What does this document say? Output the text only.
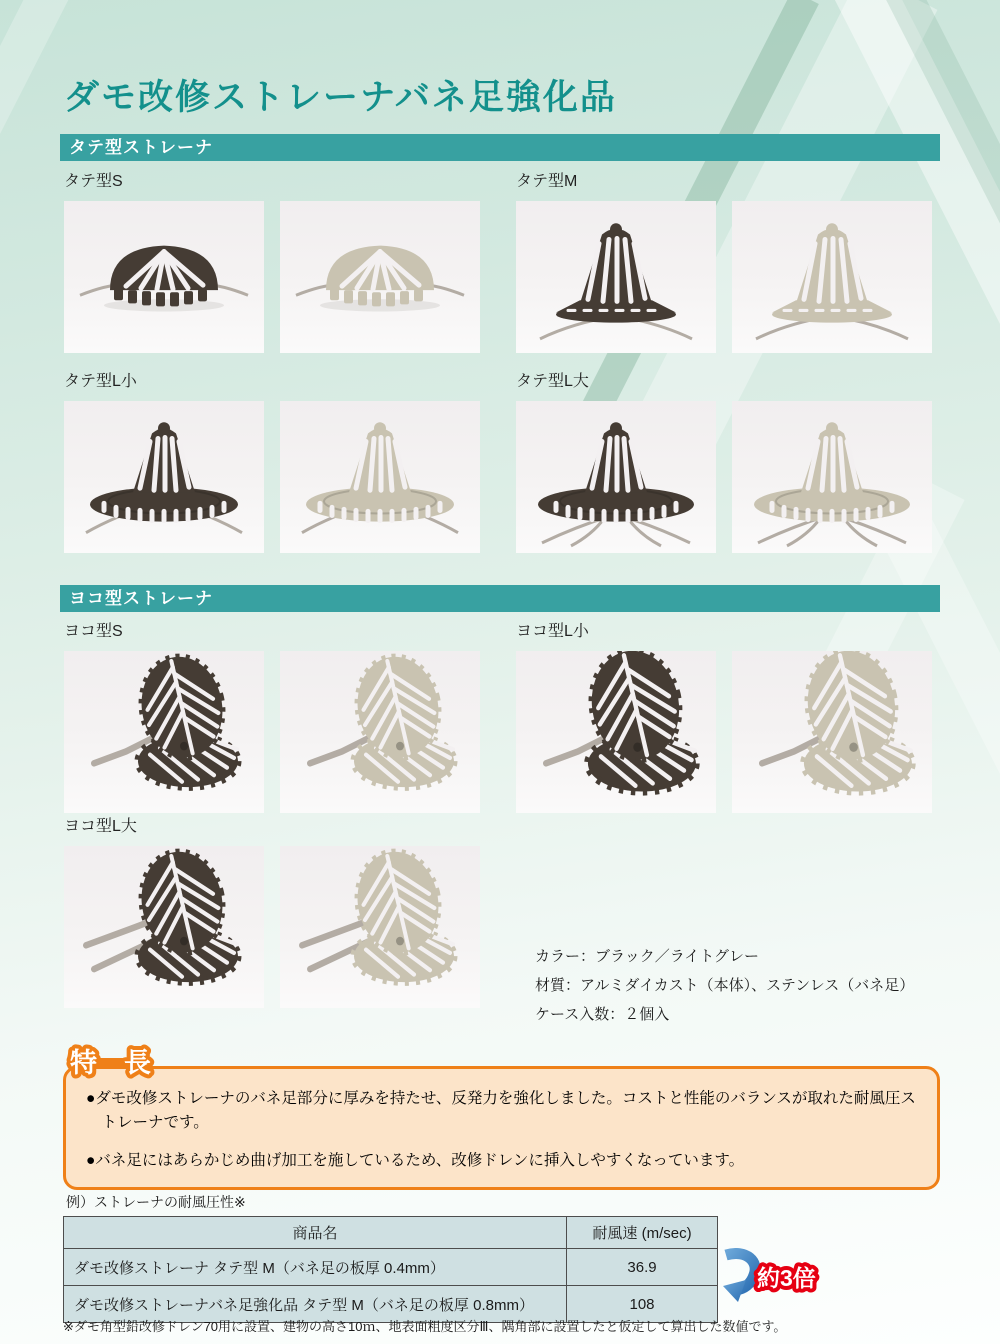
ダモ改修ストレーナバネ足強化品
タテ型ストレーナ
タテ型S	タテ型M
タテ型L小	タテ型L大
ヨコ型ストレーナ
ヨコ型S	ヨコ型L小
ヨコ型L大
カラー：ブラック／ライトグレー
材質：アルミダイカスト（本体）、ステンレス（バネ足）
ケース入数：２個入
特　長

●ダモ改修ストレーナのバネ足部分に厚みを持たせ、反発力を強化しました。コストと性能のバランスが取れた耐風圧ストレーナです。

●バネ足にはあらかじめ曲げ加工を施しているため、改修ドレンに挿入しやすくなっています。

例）ストレーナの耐風圧性※
商品名	耐風速 (m/sec)
ダモ改修ストレーナ タテ型 M（バネ足の板厚 0.4mm）	36.9
ダモ改修ストレーナバネ足強化品 タテ型 M（バネ足の板厚 0.8mm）	108
約3倍
※ダモ角型鉛改修ドレン70用に設置、建物の高さ10ｍ、地表面粗度区分Ⅲ、隅角部に設置したと仮定して算出した数値です。
